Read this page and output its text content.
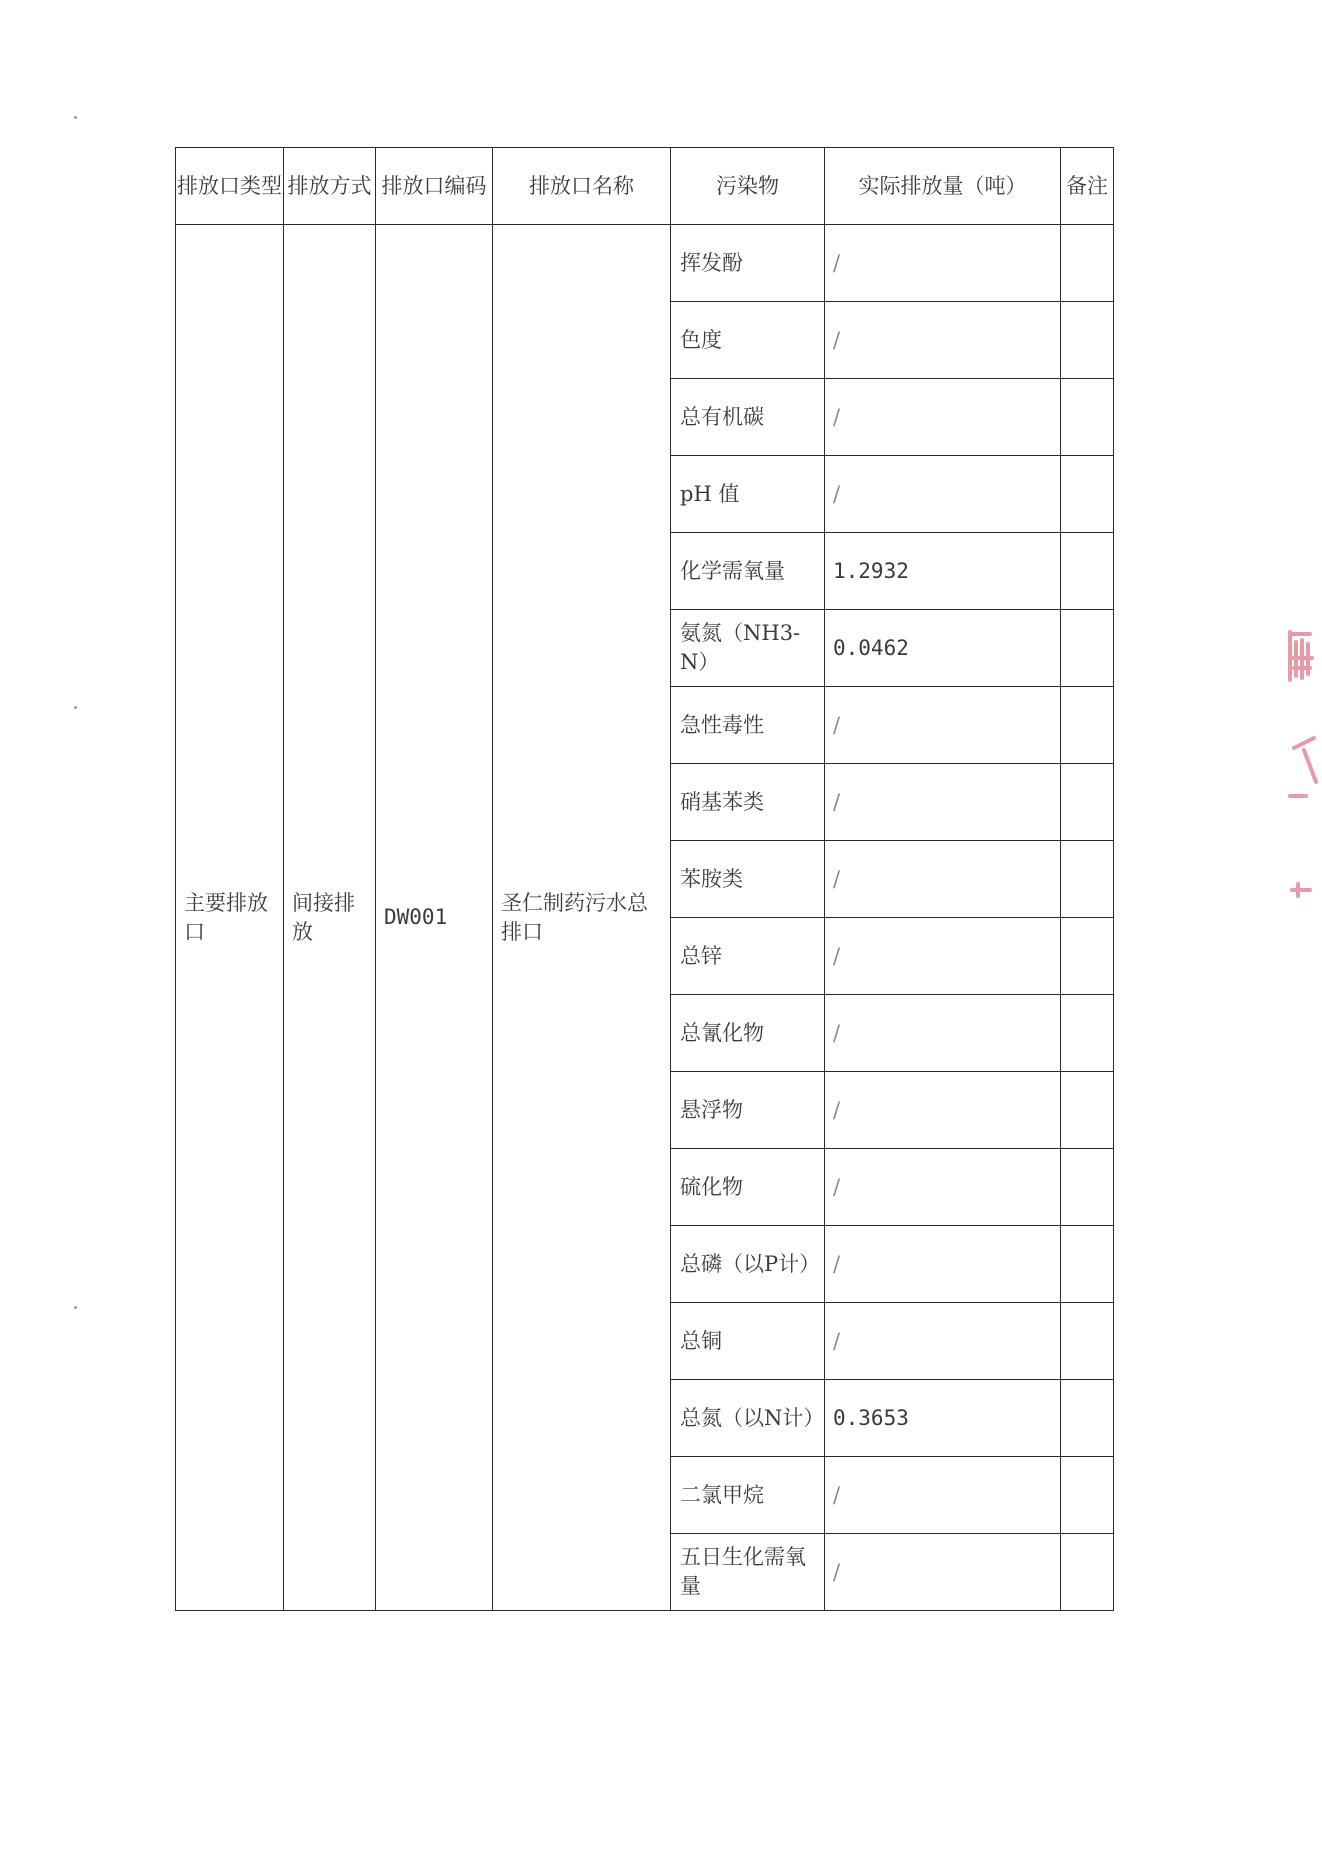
排放口类型	排放方式	排放口编码	排放口名称	污染物	实际排放量（吨）	备注
主要排放口	间接排放	DW001	圣仁制药污水总排口	挥发酚	/	
				色度	/	
				总有机碳	/	
				pH 值	/	
				化学需氧量	1.2932	
				氨氮（NH3-N）	0.0462	
				急性毒性	/	
				硝基苯类	/	
				苯胺类	/	
				总锌	/	
				总氰化物	/	
				悬浮物	/	
				硫化物	/	
				总磷（以P计）	/	
				总铜	/	
				总氮（以N计）	0.3653	
				二氯甲烷	/	
				五日生化需氧量	/	
